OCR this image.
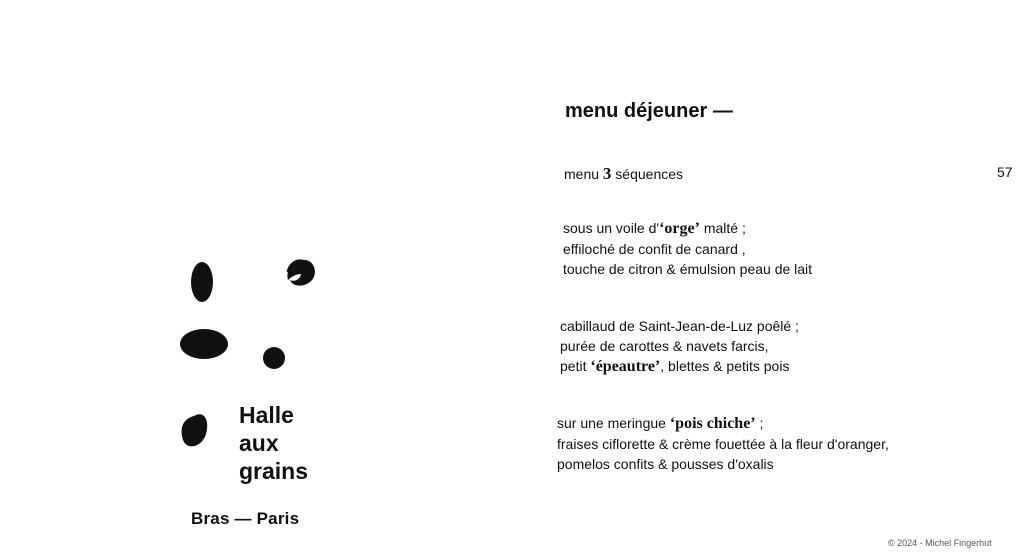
Halle
aux
grains
Bras — Paris
menu déjeuner —
menu 3 séquences	57
sous un voile d'‘orge’ malté ;
effiloché de confit de canard ,
touche de citron & émulsion peau de lait
cabillaud de Saint-Jean-de-Luz poêlé ;
purée de carottes & navets farcis,
petit ‘épeautre’, blettes & petits pois
sur une meringue ‘pois chiche’ ;
fraises ciflorette & crème fouettée à la fleur d'oranger,
pomelos confits & pousses d'oxalis
© 2024 - Michel Fingerhut
